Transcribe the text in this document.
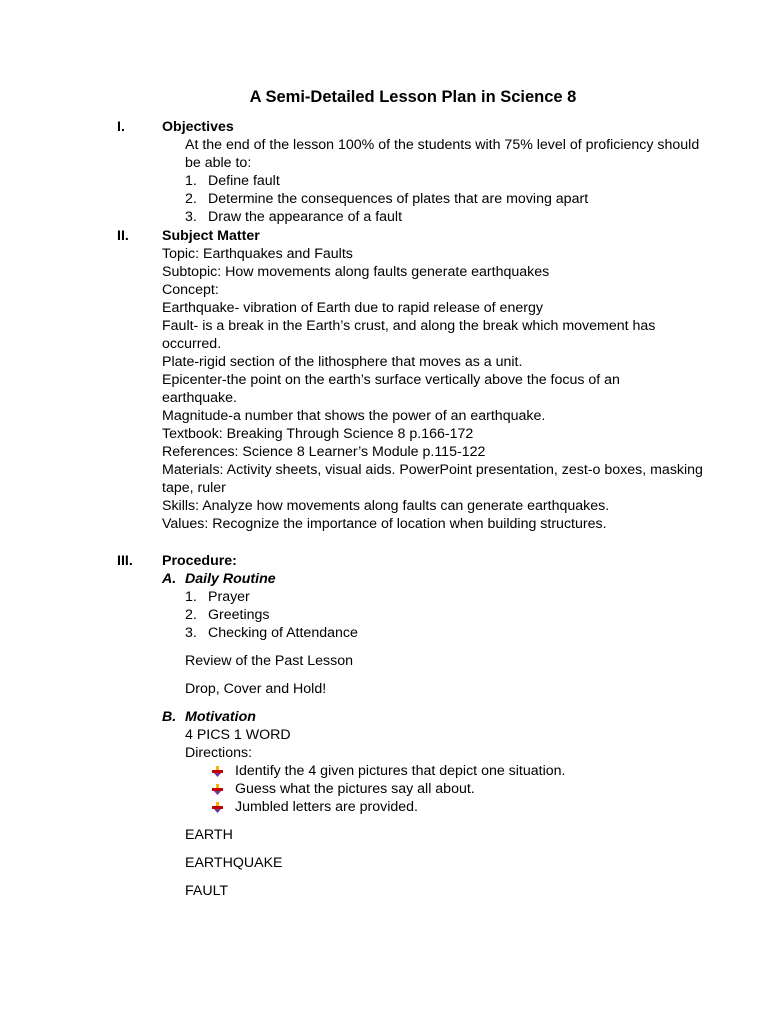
A Semi-Detailed Lesson Plan in Science 8
I.	Objectives
At the end of the lesson 100% of the students with 75% level of proficiency should be able to:
1. Define fault
2. Determine the consequences of plates that are moving apart
3. Draw the appearance of a fault
II. Subject Matter
Topic: Earthquakes and Faults
Subtopic: How movements along faults generate earthquakes
Concept:
Earthquake- vibration of Earth due to rapid release of energy
Fault- is a break in the Earth’s crust, and along the break which movement has occurred.
Plate-rigid section of the lithosphere that moves as a unit.
Epicenter-the point on the earth’s surface vertically above the focus of an earthquake.
Magnitude-a number that shows the power of an earthquake.
Textbook: Breaking Through Science 8 p.166-172
References: Science 8 Learner’s Module p.115-122
Materials: Activity sheets, visual aids. PowerPoint presentation, zest-o boxes, masking tape, ruler
Skills: Analyze how movements along faults can generate earthquakes.
Values: Recognize the importance of location when building structures.
III. Procedure:
A. Daily Routine
1. Prayer
2. Greetings
3. Checking of Attendance
Review of the Past Lesson
Drop, Cover and Hold!
B. Motivation
4 PICS 1 WORD
Directions:
Identify the 4 given pictures that depict one situation.
Guess what the pictures say all about.
Jumbled letters are provided.
EARTH
EARTHQUAKE
FAULT
